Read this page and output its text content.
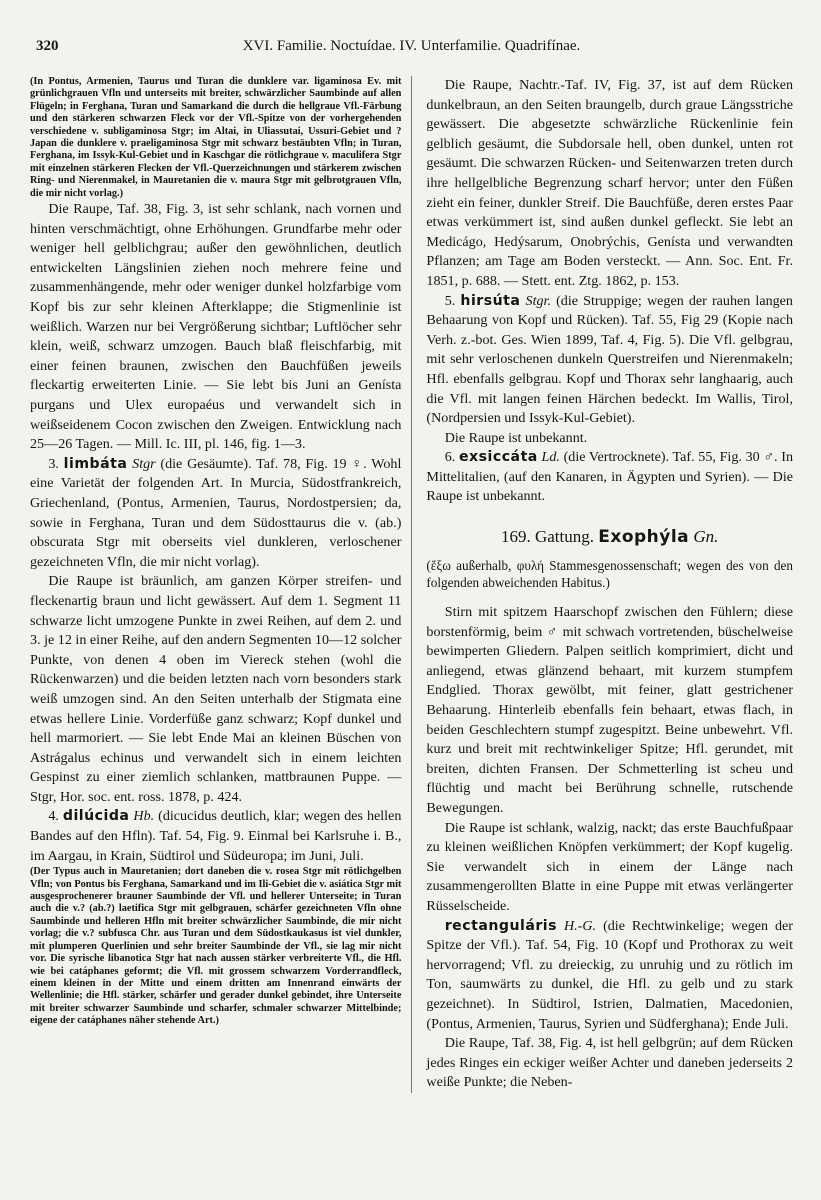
320	XVI. Familie. Noctuídae. IV. Unterfamilie. Quadrifínae.

(In Pontus, Armenien, Taurus und Turan die dunklere var. ligaminosa Ev. mit grünlichgrauen Vfln und unterseits mit breiter, schwärzlicher Saumbinde auf allen Flügeln; in Ferghana, Turan und Samarkand die durch die hellgraue Vfl.-Färbung und den stärkeren schwarzen Fleck vor der Vfl.-Spitze von der vorhergehenden verschiedene v. subligaminosa Stgr; im Altai, in Uliassutai, Ussuri-Gebiet und ? Japan die dunklere v. praeligaminosa Stgr mit schwarz bestäubten Vfln; in Turan, Ferghana, im Issyk-Kul-Gebiet und in Kaschgar die rötlichgraue v. maculifera Stgr mit einzelnen stärkeren Flecken der Vfl.-Querzeichnungen und stärkerem zwischen Ring- und Nierenmakel, in Mauretanien die v. maura Stgr mit gelbrotgrauen Vfln, die mir nicht vorlag.)

Die Raupe, Taf. 38, Fig. 3, ist sehr schlank, nach vornen und hinten verschmächtigt, ohne Erhöhungen. Grundfarbe mehr oder weniger hell gelblichgrau; außer den gewöhnlichen, deutlich entwickelten Längslinien ziehen noch mehrere feine und zusammenhängende, mehr oder weniger dunkel holzfarbige vom Kopf bis zur sehr kleinen Afterklappe; die Stigmenlinie ist weißlich. Warzen nur bei Vergrößerung sichtbar; Luftlöcher sehr klein, weiß, schwarz umzogen. Bauch blaß fleischfarbig, mit einer feinen braunen, zwischen den Bauchfüßen jeweils fleckartig erweiterten Linie. — Sie lebt bis Juni an Genísta purgans und Ulex europaéus und verwandelt sich in weißseidenem Cocon zwischen den Zweigen. Entwicklung nach 25—26 Tagen. — Mill. Ic. III, pl. 146, fig. 1—3.

3. limbáta Stgr (die Gesäumte). Taf. 78, Fig. 19 ♀. Wohl eine Varietät der folgenden Art. In Murcia, Südostfrankreich, Griechenland, (Pontus, Armenien, Taurus, Nordostpersien; da, sowie in Ferghana, Turan und dem Südosttaurus die v. (ab.) obscurata Stgr mit oberseits viel dunkleren, verloschener gezeichneten Vfln, die mir nicht vorlag).

Die Raupe ist bräunlich, am ganzen Körper streifen- und fleckenartig braun und licht gewässert. Auf dem 1. Segment 11 schwarze licht umzogene Punkte in zwei Reihen, auf dem 2. und 3. je 12 in einer Reihe, auf den andern Segmenten 10—12 solcher Punkte, von denen 4 oben im Viereck stehen (wohl die Rückenwarzen) und die beiden letzten nach vorn besonders stark weiß umzogen sind. An den Seiten unterhalb der Stigmata eine etwas hellere Linie. Vorderfüße ganz schwarz; Kopf dunkel und hell marmoriert. — Sie lebt Ende Mai an kleinen Büschen von Astrágalus echinus und verwandelt sich in einem leichten Gespinst zu einer ziemlich schlanken, mattbraunen Puppe. — Stgr, Hor. soc. ent. ross. 1878, p. 424.

4. dilúcida Hb. (dicucidus deutlich, klar; wegen des hellen Bandes auf den Hfln). Taf. 54, Fig. 9. Einmal bei Karlsruhe i. B., im Aargau, in Krain, Südtirol und Südeuropa; im Juni, Juli.

(Der Typus auch in Mauretanien; dort daneben die v. rosea Stgr mit rötlichgelben Vfln; von Pontus bis Ferghana, Samarkand und im Ili-Gebiet die v. asiática Stgr mit ausgesprochenerer brauner Saumbinde der Vfl. und hellerer Unterseite; in Turan auch die v.? (ab.?) laetifica Stgr mit gelbgrauen, schärfer gezeichneten Vfln ohne Saumbinde und helleren Hfln mit breiter schwärzlicher Saumbinde, die mir nicht vorlag; die v.? subfusca Chr. aus Turan und dem Südostkaukasus ist viel dunkler, mit plumperen Querlinien und sehr breiter Saumbinde der Vfl., sie lag mir nicht vor. Die syrische libanotica Stgr hat nach aussen stärker verbreiterte Vfl., die Hfl. wie bei catáphanes geformt; die Vfl. mit grossem schwarzem Vorderrandfleck, einem kleinen in der Mitte und einem dritten am Innenrand einwärts der Wellenlinie; die Hfl. stärker, schärfer und gerader dunkel gebindet, ihre Unterseite mit breiter schwarzer Saumbinde und scharfer, schmaler schwarzer Mittelbinde; eigene der catáphanes näher stehende Art.)

Die Raupe, Nachtr.-Taf. IV, Fig. 37, ist auf dem Rücken dunkelbraun, an den Seiten braungelb, durch graue Längsstriche gewässert. Die abgesetzte schwärzliche Rückenlinie fein gelblich gesäumt, die Subdorsale hell, oben dunkel, unten rot gesäumt. Die schwarzen Rücken- und Seitenwarzen treten durch ihre hellgelbliche Begrenzung scharf hervor; unter den Füßen zieht ein feiner, dunkler Streif. Die Bauchfüße, deren erstes Paar etwas verkümmert ist, sind außen dunkel gefleckt. Sie lebt an Medicágo, Hedýsarum, Onobrýchis, Genísta und verwandten Pflanzen; am Tage am Boden versteckt. — Ann. Soc. Ent. Fr. 1851, p. 688. — Stett. ent. Ztg. 1862, p. 153.

5. hirsúta Stgr. (die Struppige; wegen der rauhen langen Behaarung von Kopf und Rücken). Taf. 55, Fig 29 (Kopie nach Verh. z.-bot. Ges. Wien 1899, Taf. 4, Fig. 5). Die Vfl. gelbgrau, mit sehr verloschenen dunkeln Querstreifen und Nierenmakeln; Hfl. ebenfalls gelbgrau. Kopf und Thorax sehr langhaarig, auch die Vfl. mit langen feinen Härchen bedeckt. Im Wallis, Tirol, (Nordpersien und Issyk-Kul-Gebiet).

Die Raupe ist unbekannt.

6. exsiccáta Ld. (die Vertrocknete). Taf. 55, Fig. 30 ♂. In Mittelitalien, (auf den Kanaren, in Ägypten und Syrien). — Die Raupe ist unbekannt.

169. Gattung. Exophýla Gn.

(ἔξω außerhalb, φυλή Stammesgenossenschaft; wegen des von den folgenden abweichenden Habitus.)

Stirn mit spitzem Haarschopf zwischen den Fühlern; diese borstenförmig, beim ♂ mit schwach vortretenden, büschelweise bewimperten Gliedern. Palpen seitlich komprimiert, dicht und anliegend, etwas glänzend behaart, mit kurzem stumpfem Endglied. Thorax gewölbt, mit feiner, glatt gestrichener Behaarung. Hinterleib ebenfalls fein behaart, etwas flach, in beiden Geschlechtern stumpf zugespitzt. Beine unbewehrt. Vfl. kurz und breit mit rechtwinkeliger Spitze; Hfl. gerundet, mit breiten, dichten Fransen. Der Schmetterling ist scheu und flüchtig und macht bei Berührung schnelle, rutschende Bewegungen.

Die Raupe ist schlank, walzig, nackt; das erste Bauchfußpaar zu kleinen weißlichen Knöpfen verkümmert; der Kopf kugelig. Sie verwandelt sich in einem der Länge nach zusammengerollten Blatte in eine Puppe mit etwas verlängerter Rüsselscheide.

rectanguláris H.-G. (die Rechtwinkelige; wegen der Spitze der Vfl.). Taf. 54, Fig. 10 (Kopf und Prothorax zu weit hervorragend; Vfl. zu dreieckig, zu unruhig und zu rötlich im Ton, saumwärts zu dunkel, die Hfl. zu gelb und zu stark gezeichnet). In Südtirol, Istrien, Dalmatien, Macedonien, (Pontus, Armenien, Taurus, Syrien und Südferghana); Ende Juli.

Die Raupe, Taf. 38, Fig. 4, ist hell gelbgrün; auf dem Rücken jedes Ringes ein eckiger weißer Achter und daneben jederseits 2 weiße Punkte; die Neben-
